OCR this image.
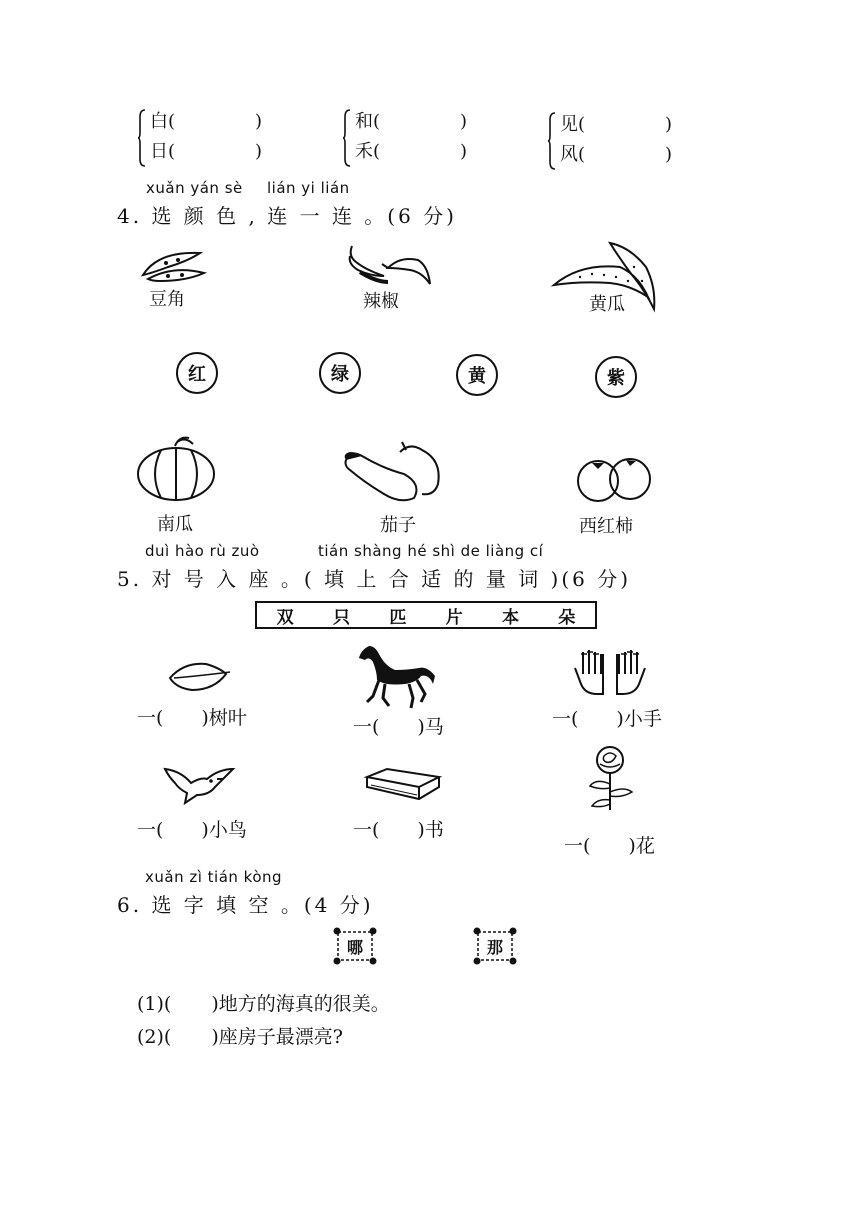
白(	)
日(	)
和(	)
禾(	)
见(	)
风(	)
xuǎn yán sè lián yi lián
4. 选 颜 色 , 连 一 连 。(6 分)
豆角	辣椒	黄瓜
红	绿	黄	紫
南瓜	茄子	西红柿
duì hào rù zuò	tián shàng hé shì de liàng cí
5. 对 号 入 座 。( 填 上 合 适 的 量 词 )(6 分)
双 只 匹 片 本 朵
一( )树叶	一( )马	一( )小手
一( )小鸟	一( )书
一( )花
xuǎn zì tián kòng
6. 选 字 填 空 。(4 分)
哪	那
(1)( )地方的海真的很美。
(2)( )座房子最漂亮?
